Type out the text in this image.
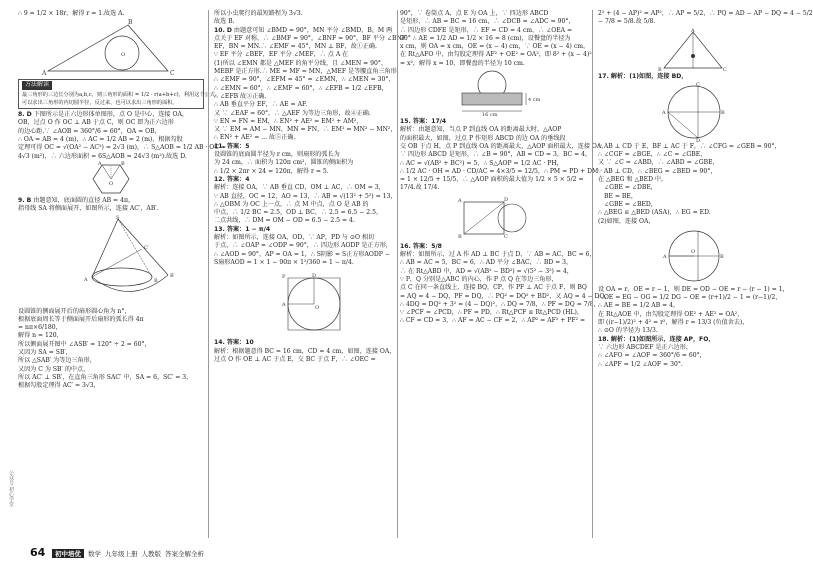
∴ 9 = 1/2 × 18r，解得 r = 1.故选 A.

A	C
B
O
方法解读

最三角形的三边长分别为a,b,c，则三角形的面积 = 1/2 · r(a+b+c)，利用这个公式，

可以求出三角形的内切圆半径，反过来，也可以求出三角形的面积。

8. D 下图所示是正六边形体单图形，点 O 是中心，连接 OA，

OB，过点 O 作 OC ⊥ AB 于点 C，则 OC 即为正六边形

的边心距.∵ ∠AOB = 360°/6 = 60°，OA = OB，

∴ OA = AB = 4 (m)，∴ AC = 1/2 AB = 2 (m)，根据勾股

定理可得 OC = √(OA² − AC²) = 2√3 (m)，∴ S△AOB = 1/2 AB · OC =

4√3 (m²)，∴ 六边形面积 = 6S△AOB = 24√3 (m²).故选 D.

A	B
O

9. B 由题意知，底面圆的直径 AB = 4π，

指母线 SA 将侧面展开，如图所示，连接 AC′，AB′.

S
A	B
B′
C′

设圆锥的侧面展开后的扇形圆心角为 n°，

根据底面周长等于侧面展开后扇形的弧长得 4π

= nπ×6/180，

解得 n = 120，

所以侧面展开图中 ∠ASB′ = 120° ÷ 2 = 60°，

又因为 SA = SB′，

所以 △SAB′ 为等边三角形，

又因为 C 为 SB′ 的中点，

所以 AC′ ⊥ SB′，在直角三角形 SAC′ 中，SA = 6，SC′ = 3，

根据勾股定理得 AC′ = 3√3，

所以小虫爬行的最短路程为 3√3.

故选 B.

10. D 由题意可知 ∠BMD = 90°，MN 平分 ∠BMD，B，M 两

点关于 EF 对称，∴ ∠BMF = 90°，∠BNF = 90°，BF 平分 ∠BNF

EF，BN = MN.∴ ∠EMF = 45°，MN ⊥ BF，故①正确.

∵ EF 平分 ∠BEF，EF 平分 ∠MEF，∴ 点 A 在

(1)所以 ∠EMN 都是 △MEF 的角平分线，且 ∠MEN = 90°，

MEBF 是正方形.∴ ME = MF = MN，△MEF 是等腰直角三角形，

∴ ∠EMF = 90°，∠EFM = 45° = ∠EMN，∴ ∠MEN = 30°，

∴ ∠EMN = 60°，∴ ∠EMF = 60°，∴ ∠EFB = 1/2 ∠EFB，

∴ ∠EFB 故③正确.

∴ AB 垂直平分 EF，∴ AE = AF.

又 ∵ ∠EAF = 60°，∴ △AEF 为等边三角形，故④正确.

∵ EN = FN = EM，∴ EN² + AE² = EM² + AM²，

又 ∵ EM = AM − MN，MN = FN，∴ EM² = MN² − MN²，

∴ EN² + AE² = ... 故⑤正确.

11. 答案：5

设圆锥的底面圆半径为 r cm，则扇形的弧长为

为 24 cm，∴ 面积为 120π cm²，圆锥的侧面积为

∴ 1/2 × 2πr × 24 = 120π，解得 r = 5.

12. 答案：4

解析：连接 OA，∵ AB 垂直 CD，OM ⊥ AC，∴ OM = 3，

∵ AB 直径，OC = 12，AO = 13，∴ AB = √(13² + 5²) = 13，

∴ △OBM 为 OC 上一点，∴ 点 M 中点，点 O 是 AB 的

中点，∴ 1/2 BC = 2.5，OD ⊥ BC，∴ 2.5 = 6.5 − 2.5，

二点共线，∴ DM = OM − OD = 6.5 − 2.5 = 4.

13. 答案：1 − π/4

解析：如图所示，连接 OA，OD，∵ AP，PD 与 ⊙O 相切

于点，∴ ∠OAP = ∠ODP = 90°，∴ 四边形 AODP 是正方形，

∴ ∠AOD = 90°，AP = OA = 1，∴ S阴影 = S正方形AODP −

S扇形AOD = 1 × 1 − 90π × 1²/360 = 1 − π/4.

A
D
O
P

14. 答案：10

解析：根据题意得 BC = 16 cm，CD = 4 cm，如图，连接 OA，

过点 O 作 OE ⊥ AC 于点 E，交 BC 于点 F，∴ ∠OEC =

90°，∵ 卷筒点 A，点 E 为 OA 上，∵ 四边形 ABCD

是矩形，∴ AB = BC = 16 cm，∴ ∠DCB = ∠ADC = 90°，

∴ 四边形 CDFE 是矩形，∴ EF = CD = 4 cm，∴ ∠OEA =

90° ∴ AE = 1/2 AD = 1/2 × 16 = 8 (cm)，设餐盘的半径为

x cm，则 OA = x cm，OE = (x − 4) cm，∵ OE = (x − 4) cm，

在 Rt△AFO 中，由勾股定理得 AF² + OE² = OA²，即 8² + (x − 4)²

= x²，解得 x = 10，即餐盘的半径为 10 cm.

16 cm
4 cm

15. 答案：17/4

解析：由题意知，当点 P 到直线 OA 的距离最大时，△AOP

的面积最大，如图，过点 P 作矩形 ABCD 的边 OA 的垂线段

交 OB 于点 H，点 P 到直线 OA 的距离最大，△AOP 面积最大，连接 OA，

∵ 四边形 ABCD 是矩形，∴ ∠B = 90°，AB = CD = 3，BC = 4，

∴ AC = √(AB² + BC²) = 5，∴ S△AOP = 1/2 AC · PH，

∴ 1/2 AC · OH = AD · CD/AC = 4×3/5 = 12/5，∴ PM = PD + DM

= 1 × 12/5 + 15/5，∴ △AOP 面积的最大值为 1/2 × 5 × 5/2 =

17/4.故 17/4.

A
B	C
D

16. 答案：5/8

解析：如图所示，过 A 作 AD ⊥ BC 于点 D，∵ AB = AC，BC = 6，

∴ AB = AC = 5，BC = 6，∴ AD 平分 ∠BAC，∴ BD = 3，

∴ 在 Rt△ABD 中，AD = √(AB² − BD²) = √(5² − 3²) = 4，

∵ P，Q 分别是△ABC 的内心，作 P 点 Q 在等边三角形，

点 C 在同一条直线上，连接 BQ，CP，作 PF ⊥ AC 于点 F，则 BQ

= AQ = 4 − DQ，PF = DQ，∴ PQ² = DQ² + BD²，又 AQ = 4 − DQ，

∴ 4DQ = DQ² + 3² = (4 − DQ)²，∴ DQ = 7/8，∴ PF = DQ = 7/8，

∵ ∠PCF = ∠PCD，∴ PF = PD，∴ Rt△PCF ≌ Rt△PCD (HL)，

∴ CF = CD = 3，∴ AF = AC − CF = 2，∴ AP² = AF² + PF² =

2² + (4 − AP)² = AP²，∴ AP = 5/2，∴ PQ = AD − AP − DQ = 4 − 5/2

− 7/8 = 5/8.故 5/8.

A
B	C

17. 解析：(1)如图，连接 BD，

A	B
C
D

∵ AB ⊥ CD 于 E，BF ⊥ AC 于 F，∴ ∠CFG = ∠GEB = 90°，

∴ ∠CGF = ∠BGE，∴ ∠C = ∠GBE，

又 ∵ ∠C = ∠ABD，∴ ∠ABD = ∠GBE，

∵ AB ⊥ CD，∴ ∠BEG = ∠BED = 90°，

在 △BEG 和 △BED 中，

∠GBE = ∠DBE，

BE = BE，

∠GBE = ∠BED，

∴ △BEG ≌ △BED (ASA)，∴ EG = ED.

(2)如图，连接 OA，

A	B
O

设 OA = r，OE = r − 1，则 DE = OD − OE = r − (r − 1) = 1，

∴ OE = EG − OG = 1/2 DG − OE = (r+1)/2 − 1 = (r−1)/2，

∴ AE = BE = 1/2 AB = 4，

在 Rt△AOE 中，由勾股定理得 OE² + AE² = OA²，

即 ((r−1)/2)² + 4² = r²，解得 r = 13/3 (负值舍去)，

∴ ⊙O 的半径为 13/3.

18. 解析：(1)如图所示，连接 AP，FO，

∵ 六边形 ABCDEF 是正六边形，

∴ ∠AFO = ∠AOF = 360°/6 = 60°，

∴ ∠APF = 1/2 ∠AOF = 30°.

64	初中培优	数学 九年级上册 人教版 答案全解全析
公众号·初心学堂
